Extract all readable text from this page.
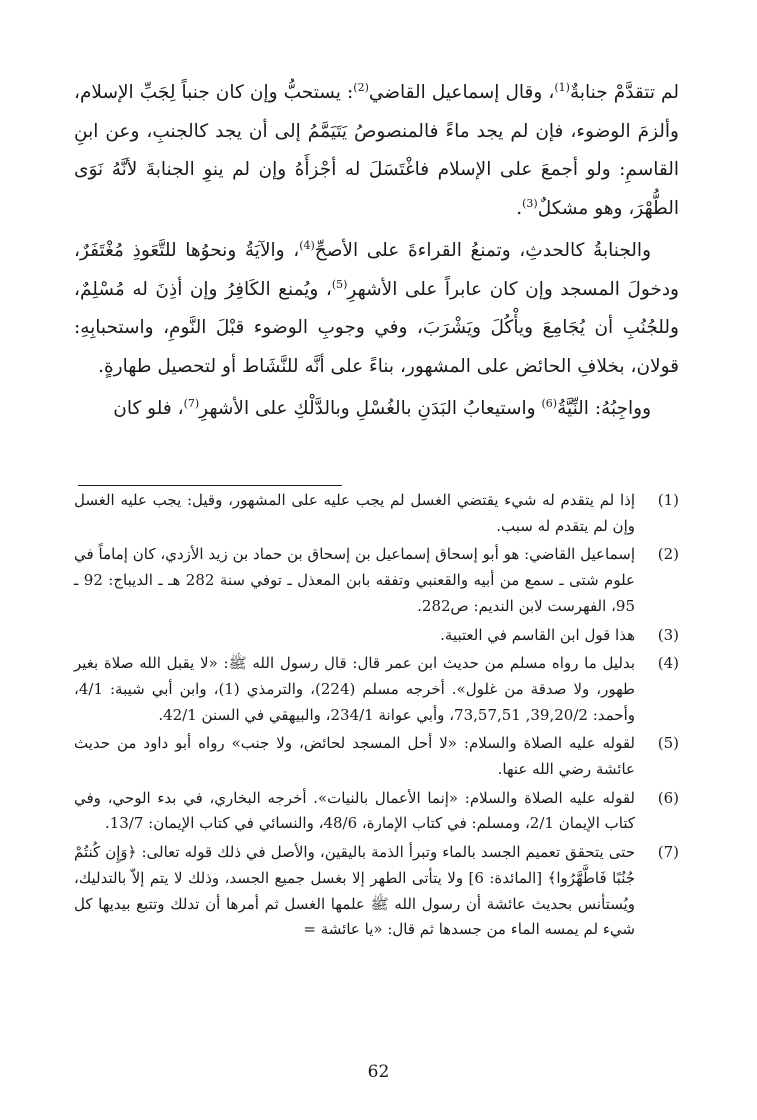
لم تتقدَّمْ جنابةٌ$^{(1)}$، وقال إسماعيل القاضي$^{(2)}$: يستحبُّ وإن كان جنباً لِجَبِّ الإسلام، وألزمَ الوضوء، فإن لم يجد ماءً فالمنصوصُ يَتَيَمَّمُ إلى أن يجد كالجنبِ، وعن ابنِ القاسمِ: ولو أجمعَ على الإسلام فاغْتَسَلَ له أجْزأَهُ وإن لم ينوِ الجنابةَ لأنَّهُ نَوَى الطُّهْرَ، وهو مشكلٌ$^{(3)}$.

والجنابةُ كالحدثِ، وتمنعُ القراءةَ على الأصحِّ$^{(4)}$، والآيَةُ ونحوُها للتَّعَوذِ مُغْتَفَرٌ، ودخولَ المسجد وإن كان عابراً على الأشهرِ$^{(5)}$، ويُمنع الكَافِرُ وإن أذِنَ له مُسْلِمٌ، وللجُنُبِ أن يُجَامِعَ ويأْكُلَ ويَشْرَبَ، وفي وجوبِ الوضوء قبْلَ النَّومِ، واستحبابِهِ: قولان، بخلافِ الحائض على المشهور، بناءً على أنَّه للنَّشَاط أو لتحصيل طهارةٍ.

وواجِبُهُ: النِّيَّةُ$^{(6)}$ واستيعابُ البَدَنِ بالغُسْلِ وبالدَّلْكِ على الأشهرِ$^{(7)}$، فلو كان

(1)
إذا لم يتقدم له شيء يقتضي الغسل لم يجب عليه على المشهور، وقيل: يجب عليه الغسل وإن لم يتقدم له سبب.
(2)
إسماعيل القاضي: هو أبو إسحاق إسماعيل بن إسحاق بن حماد بن زيد الأزدي، كان إماماً في علوم شتى ـ سمع من أبيه والقعنبي وتفقه بابن المعذل ـ توفي سنة 282 هـ ـ الديباج: 92 ـ 95، الفهرست لابن النديم: ص282.
(3)
هذا قول ابن القاسم في العتبية.
(4)
بدليل ما رواه مسلم من حديث ابن عمر قال: قال رسول الله ﷺ: «لا يقبل الله صلاة بغير طهور، ولا صدقة من غلول». أخرجه مسلم (224)، والترمذي (1)، وابن أبي شيبة: 4/1، وأحمد: 39,20/2, 73,57,51، وأبي عوانة 234/1، والبيهقي في السنن 42/1.
(5)
لقوله عليه الصلاة والسلام: «لا أحل المسجد لحائض، ولا جنب» رواه أبو داود من حديث عائشة رضي الله عنها.
(6)
لقوله عليه الصلاة والسلام: «إنما الأعمال بالنيات». أخرجه البخاري، في بدء الوحي، وفي كتاب الإيمان 2/1، ومسلم: في كتاب الإمارة، 48/6، والنسائي في كتاب الإيمان: 13/7.
(7)
حتى يتحقق تعميم الجسد بالماء وتبرأ الذمة باليقين، والأصل في ذلك قوله تعالى: ﴿وَإِن كُنتُمْ جُنُبًا فَاطَّهَّرُوا﴾ [المائدة: 6] ولا يتأتى الطهر إلا بغسل جميع الجسد، وذلك لا يتم إلاّ بالتدليك، ويُستأنس بحديث عائشة أن رسول الله ﷺ علمها الغسل ثم أمرها أن تدلك وتتبع بيديها كل شيء لم يمسه الماء من جسدها ثم قال: «يا عائشة =
62
